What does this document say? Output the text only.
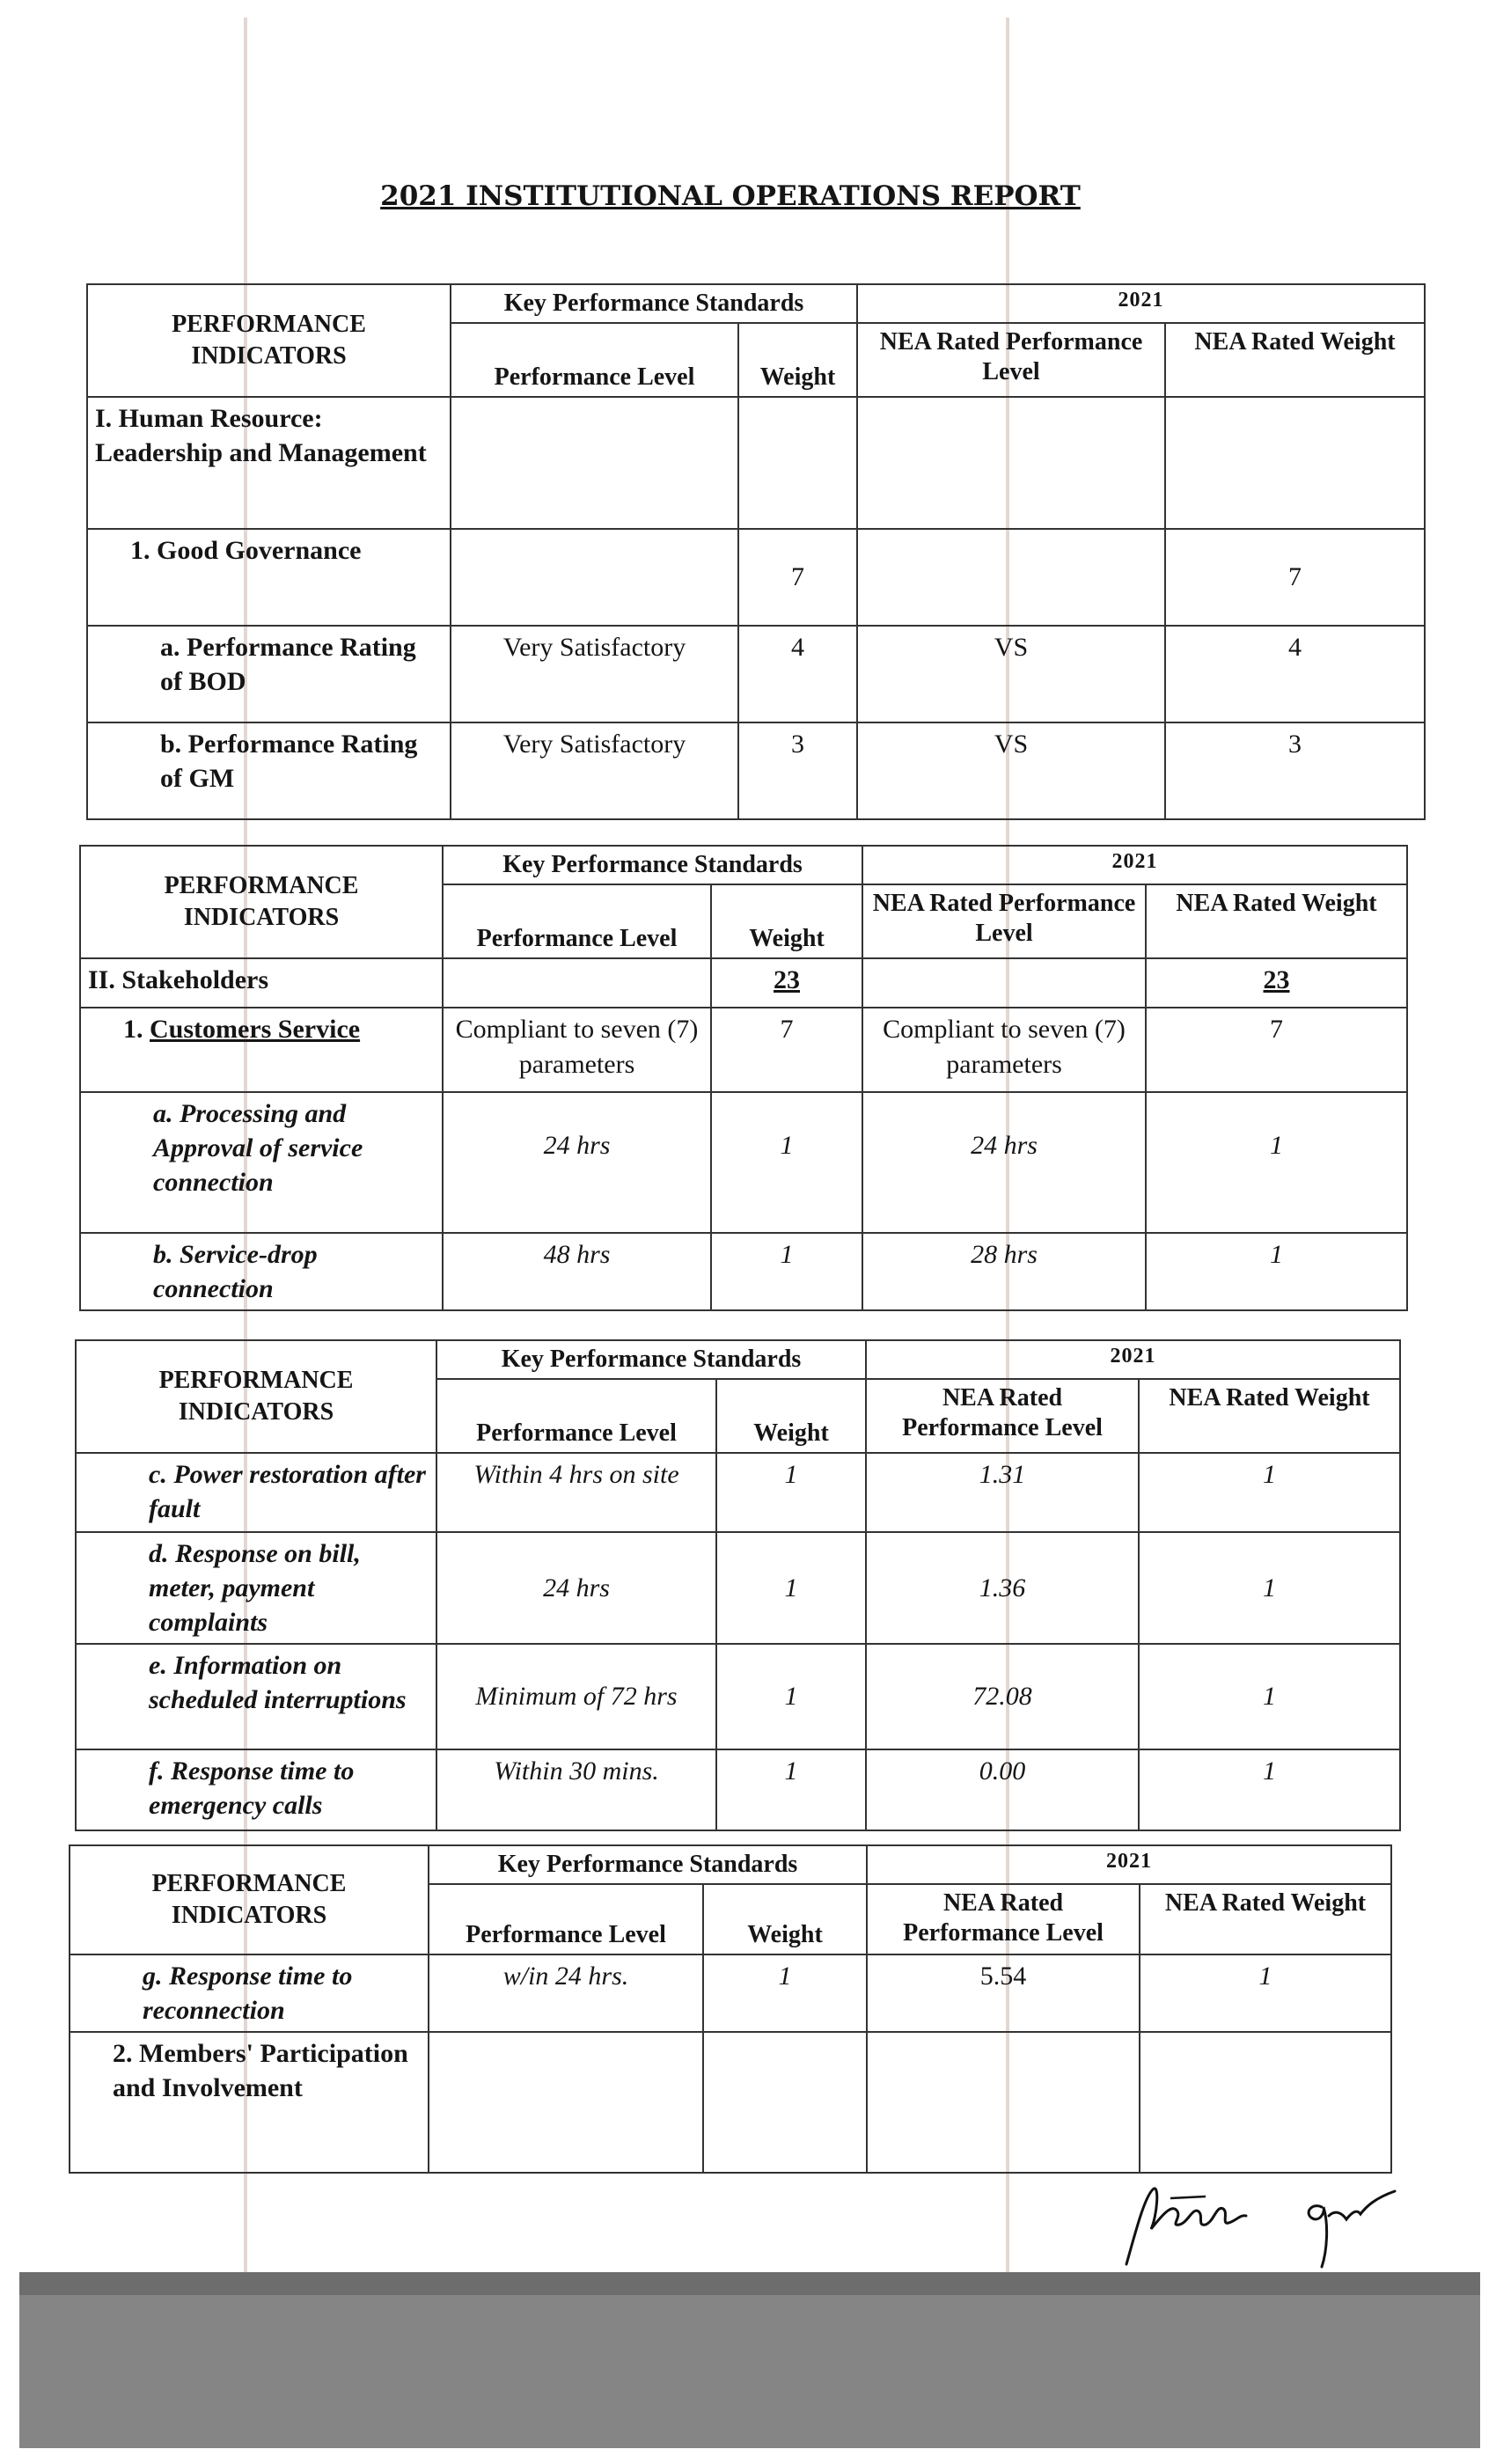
2021 INSTITUTIONAL OPERATIONS REPORT
PERFORMANCE INDICATORS	Key Performance Standards		2021	
	Performance Level	Weight	NEA Rated Performance Level	NEA Rated Weight
I. Human Resource: Leadership and Management				
1. Good Governance		7		7
a. Performance Rating of BOD	Very Satisfactory	4	VS	4
b. Performance Rating of GM	Very Satisfactory	3	VS	3
PERFORMANCE INDICATORS	Key Performance Standards		2021	
	Performance Level	Weight	NEA Rated Performance Level	NEA Rated Weight
II. Stakeholders		23		23
1. Customers Service	Compliant to seven (7) parameters	7	Compliant to seven (7) parameters	7
a. Processing and Approval of service connection	24 hrs	1	24 hrs	1
b. Service-drop connection	48 hrs	1	28 hrs	1
PERFORMANCE INDICATORS	Key Performance Standards		2021	
	Performance Level	Weight	NEA Rated Performance Level	NEA Rated Weight
c. Power restoration after fault	Within 4 hrs on site	1	1.31	1
d. Response on bill, meter, payment complaints	24 hrs	1	1.36	1
e. Information on scheduled interruptions	Minimum of 72 hrs	1	72.08	1
f. Response time to emergency calls	Within 30 mins.	1	0.00	1
PERFORMANCE INDICATORS	Key Performance Standards		2021	
	Performance Level	Weight	NEA Rated Performance Level	NEA Rated Weight
g. Response time to reconnection	w/in 24 hrs.	1	5.54	1
2. Members' Participation and Involvement				
